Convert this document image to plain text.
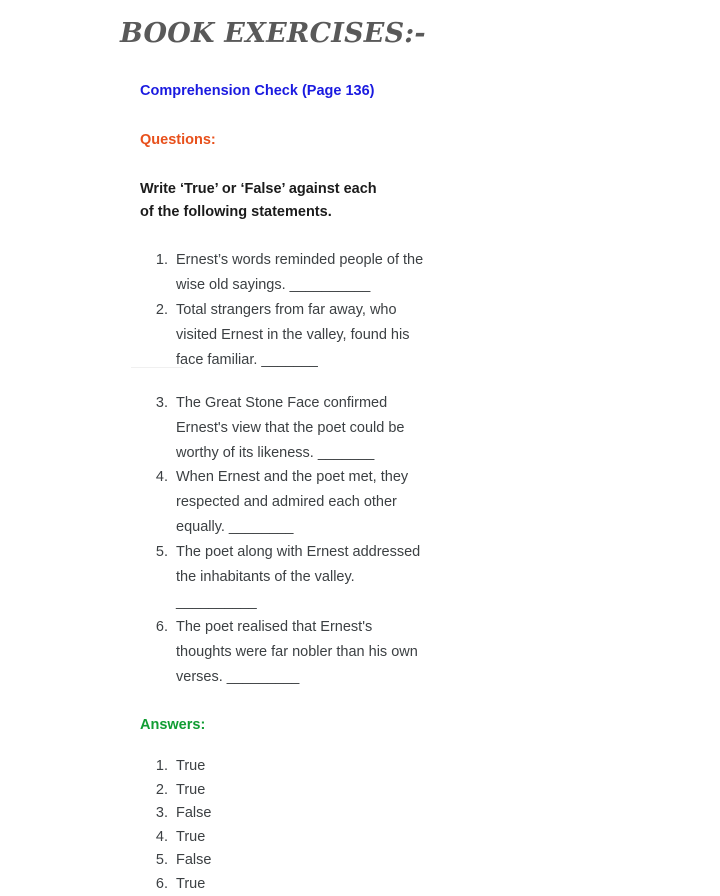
BOOK EXERCISES:-

Comprehension Check (Page 136)

Questions:

Write ‘True’ or ‘False’ against each of the following statements.

1. Ernest’s words reminded people of the wise old sayings. __________
2. Total strangers from far away, who visited Ernest in the valley, found his face familiar. _______
3. The Great Stone Face confirmed Ernest's view that the poet could be worthy of its likeness. _______
4. When Ernest and the poet met, they respected and admired each other equally. ________
5. The poet along with Ernest addressed the inhabitants of the valley. __________
6. The poet realised that Ernest's thoughts were far nobler than his own verses. _________

Answers:

1. True
2. True
3. False
4. True
5. False
6. True
